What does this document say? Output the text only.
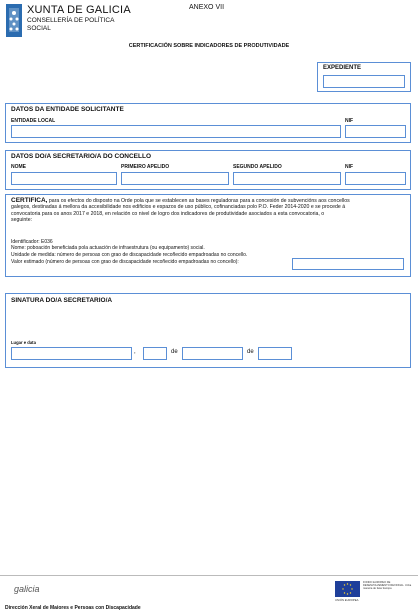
XUNTA DE GALICIA
CONSELLERÍA DE POLÍTICA
SOCIAL
ANEXO VII
CERTIFICACIÓN SOBRE INDICADORES DE PRODUTIVIDADE
EXPEDIENTE
DATOS DA ENTIDADE SOLICITANTE
ENTIDADE LOCAL	NIF
DATOS DO/A SECRETARIO/A DO CONCELLO
NOME	PRIMEIRO APELIDO	SEGUNDO APELIDO	NIF
CERTIFICA, para os efectos do disposto na Orde pola que se establecen as bases reguladoras para a concesión de subvencións aos concellos
galegos, destinadas á mellora da accesibilidade nos edificios e espazos de uso público, cofinanciadas polo P.O. Feder 2014-2020 e se procede á
convocatoria para os anos 2017 e 2018, en relación co nivel de logro dos indicadores de produtividade asociados a esta convocatoria, o
seguinte:
Identificador: E036
Nome: poboación beneficiada pola actuación de infraestrutura (ou equipamento) social.
Unidade de medida: número de persoas con grao de discapacidade recoñecido empadroadas no concello.
Valor estimado (número de persoas con grao de discapacidade recoñecido empadroadas no concello):
SINATURA DO/A SECRETARIO/A
Lugar e data
,	de	de
galicia
Dirección Xeral de Maiores e Persoas con Discapacidade
FONDO EUROPEO DE DESENVOLVEMENTO REXIONAL. Unha maneira de facer Europa
UNIÓN EUROPEA
